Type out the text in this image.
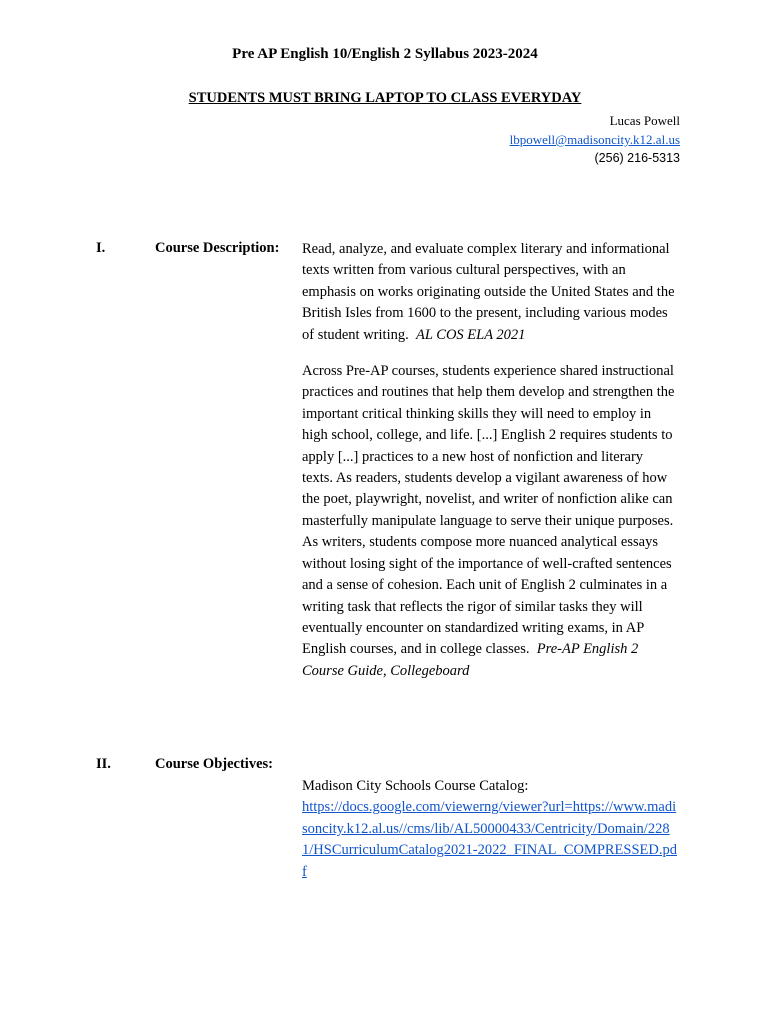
Pre AP English 10/English 2 Syllabus 2023-2024
STUDENTS MUST BRING LAPTOP TO CLASS EVERYDAY
Lucas Powell
lbpowell@madisoncity.k12.al.us
(256) 216-5313
I.	Course Description: Read, analyze, and evaluate complex literary and informational texts written from various cultural perspectives, with an emphasis on works originating outside the United States and the British Isles from 1600 to the present, including various modes of student writing. AL COS ELA 2021

Across Pre-AP courses, students experience shared instructional practices and routines that help them develop and strengthen the important critical thinking skills they will need to employ in high school, college, and life. [...] English 2 requires students to apply [...] practices to a new host of nonfiction and literary texts. As readers, students develop a vigilant awareness of how the poet, playwright, novelist, and writer of nonfiction alike can masterfully manipulate language to serve their unique purposes. As writers, students compose more nuanced analytical essays without losing sight of the importance of well-crafted sentences and a sense of cohesion. Each unit of English 2 culminates in a writing task that reflects the rigor of similar tasks they will eventually encounter on standardized writing exams, in AP English courses, and in college classes. Pre-AP English 2 Course Guide, Collegeboard

II.	Course Objectives:
Madison City Schools Course Catalog:
https://docs.google.com/viewerng/viewer?url=https://www.madisoncity.k12.al.us//cms/lib/AL50000433/Centricity/Domain/2281/HSCurriculumCatalog2021-2022_FINAL_COMPRESSED.pdf
